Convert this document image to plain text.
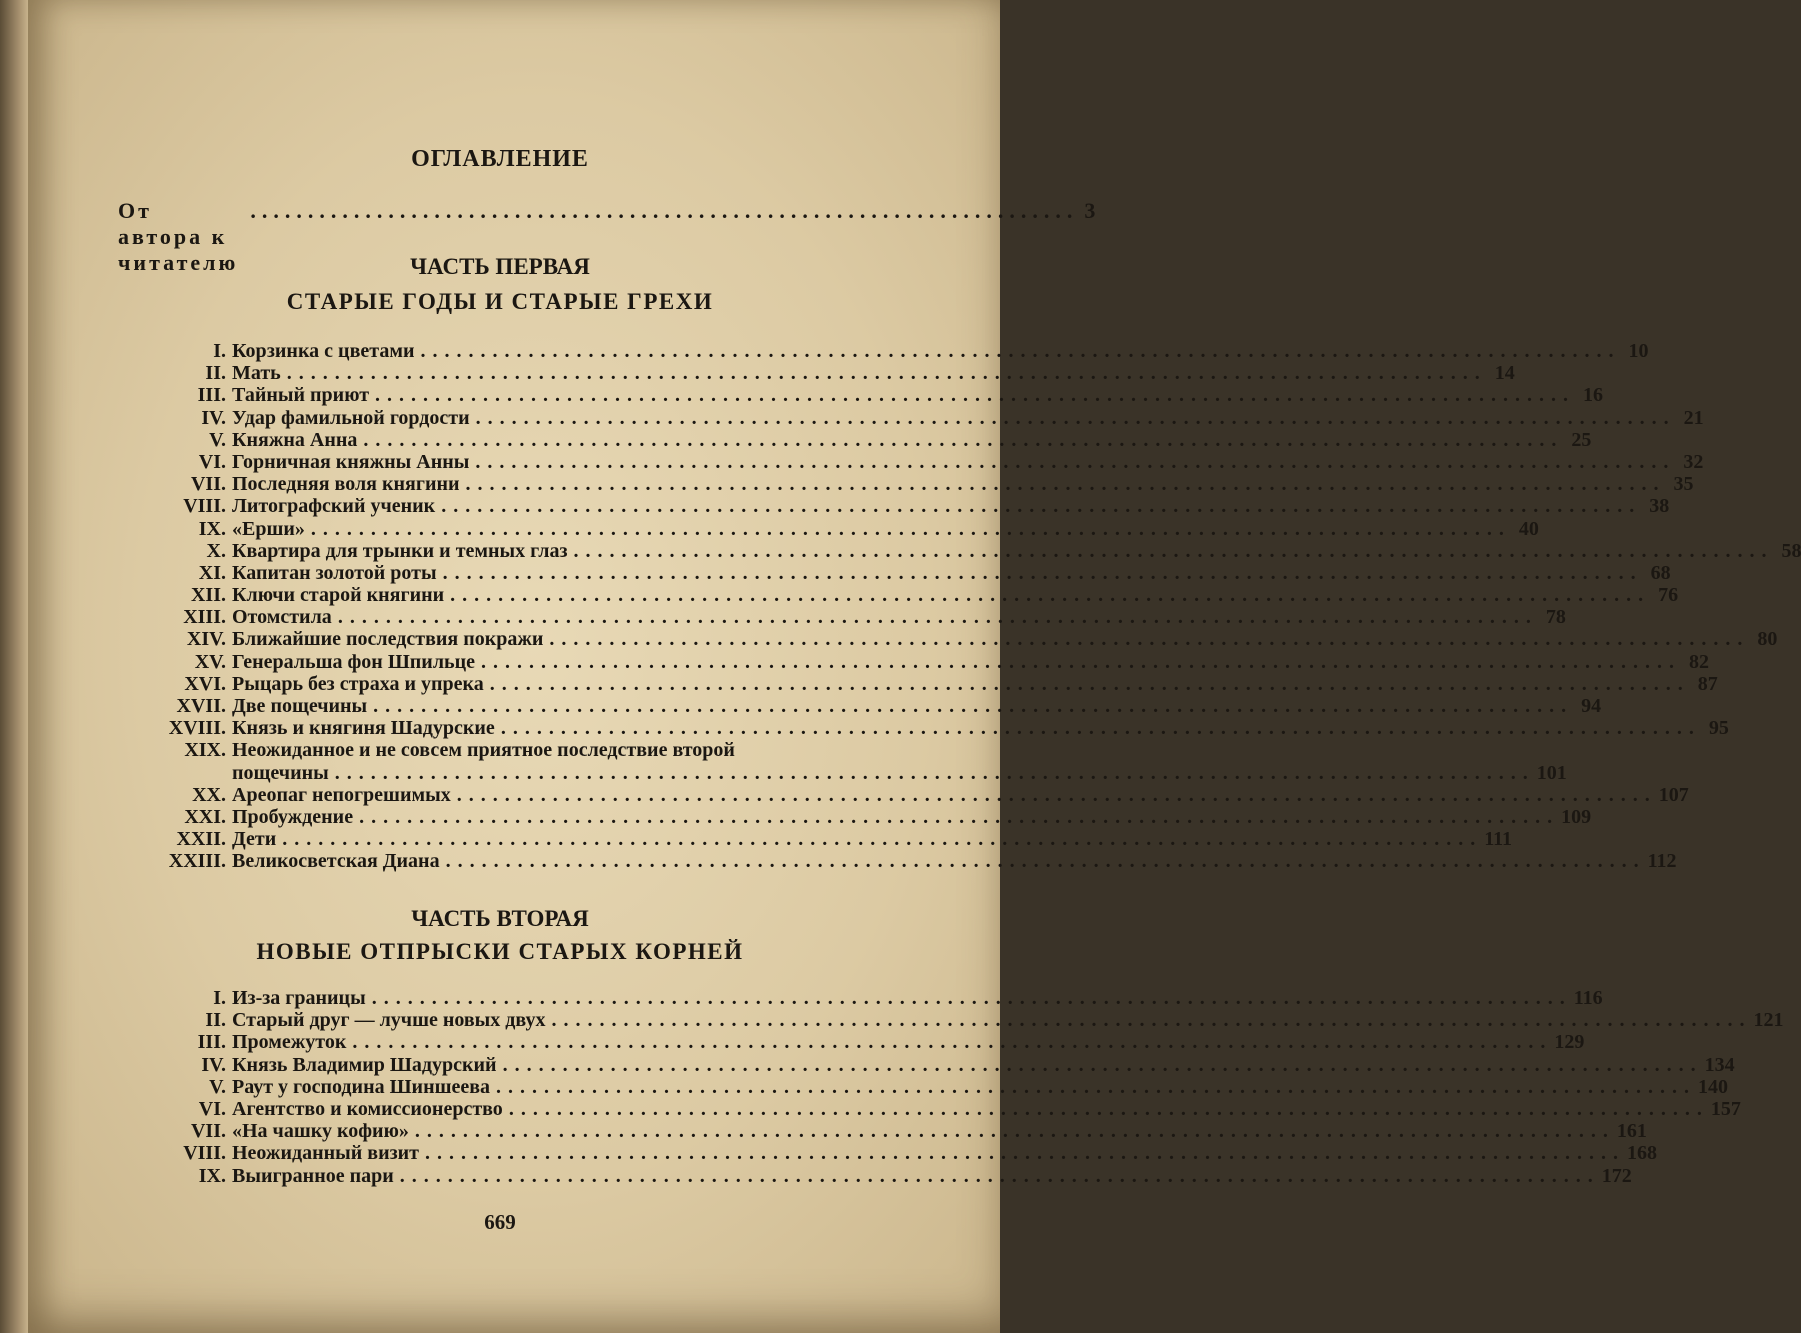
ОГЛАВЛЕНИЕ
От автора к читателю
........................................................................ 3
ЧАСТЬ ПЕРВАЯ
СТАРЫЕ ГОДЫ И СТАРЫЕ ГРЕХИ
I. Корзинка с цветами .................................................................................................... 10
II. Мать .................................................................................................... 14
III. Тайный приют .................................................................................................... 16
IV. Удар фамильной гордости .................................................................................................... 21
V. Княжна Анна .................................................................................................... 25
VI. Горничная княжны Анны .................................................................................................... 32
VII. Последняя воля княгини .................................................................................................... 35
VIII. Литографский ученик .................................................................................................... 38
IX. «Ерши» .................................................................................................... 40
X. Квартира для трынки и темных глаз .................................................................................................... 58
XI. Капитан золотой роты .................................................................................................... 68
XII. Ключи старой княгини .................................................................................................... 76
XIII. Отомстила .................................................................................................... 78
XIV. Ближайшие последствия покражи .................................................................................................... 80
XV. Генеральша фон Шпильце .................................................................................................... 82
XVI. Рыцарь без страха и упрека .................................................................................................... 87
XVII. Две пощечины .................................................................................................... 94
XVIII. Князь и княгиня Шадурские .................................................................................................... 95
XIX. Неожиданное и не совсем приятное последствие второй
пощечины .................................................................................................... 101
XX. Ареопаг непогрешимых .................................................................................................... 107
XXI. Пробуждение .................................................................................................... 109
XXII. Дети .................................................................................................... 111
XXIII. Великосветская Диана .................................................................................................... 112
ЧАСТЬ ВТОРАЯ
НОВЫЕ ОТПРЫСКИ СТАРЫХ КОРНЕЙ
I. Из-за границы .................................................................................................... 116
II. Старый друг — лучше новых двух .................................................................................................... 121
III. Промежуток .................................................................................................... 129
IV. Князь Владимир Шадурский .................................................................................................... 134
V. Раут у господина Шиншеева .................................................................................................... 140
VI. Агентство и комиссионерство .................................................................................................... 157
VII. «На чашку кофию» .................................................................................................... 161
VIII. Неожиданный визит .................................................................................................... 168
IX. Выигранное пари .................................................................................................... 172
669
